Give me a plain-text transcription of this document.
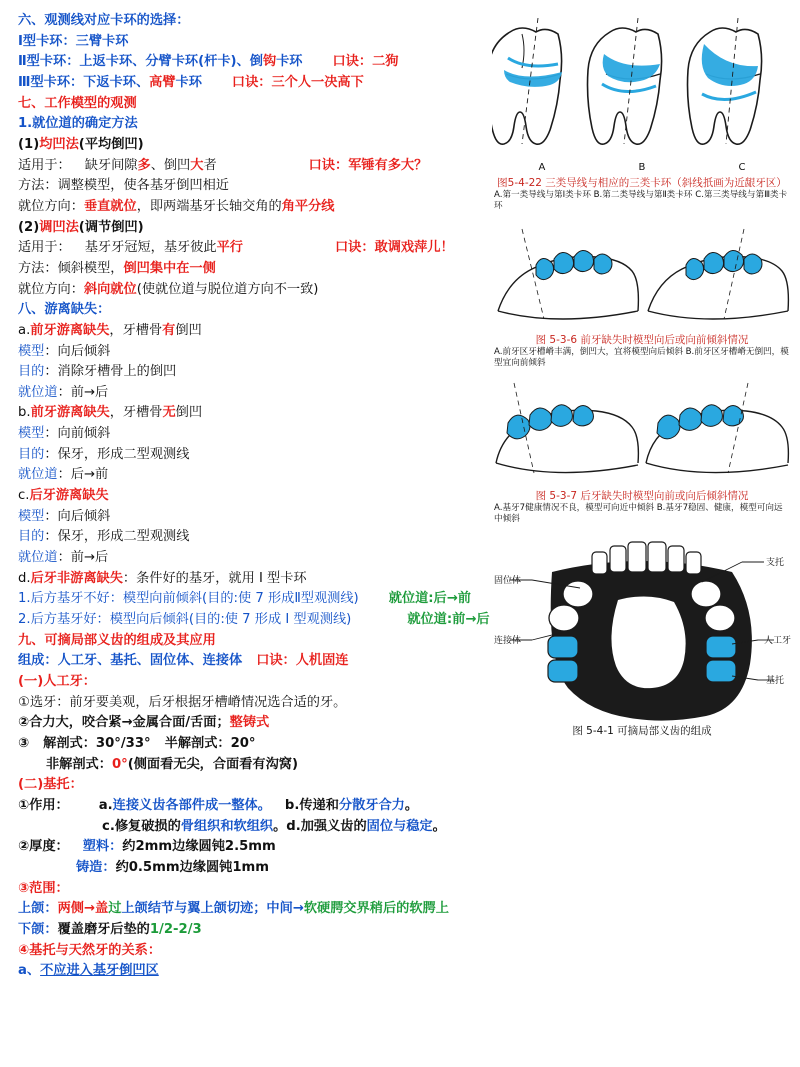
六、观测线对应卡环的选择：
Ⅰ型卡环：三臂卡环
Ⅱ型卡环：上返卡环、分臂卡环(杆卡)、倒钩卡环 口诀：二狗
Ⅲ型卡环：下返卡环、高臂卡环 口诀：三个人一决高下
七、工作模型的观测
1.就位道的确定方法
(1)均凹法(平均倒凹)
适用于： 缺牙间隙多、倒凹大者	口诀：军锤有多大？
方法：调整模型，使各基牙倒凹相近
就位方向：垂直就位，即两端基牙长轴交角的角平分线
(2)调凹法(调节倒凹)
适用于： 基牙牙冠短，基牙彼此平行	口诀：敢调戏萍儿！
方法：倾斜模型，倒凹集中在一侧
就位方向：斜向就位(使就位道与脱位道方向不一致)
八、游离缺失：
a.前牙游离缺失，牙槽骨有倒凹
模型：向后倾斜
目的：消除牙槽骨上的倒凹
就位道：前→后
b.前牙游离缺失，牙槽骨无倒凹
模型：向前倾斜
目的：保牙，形成二型观测线
就位道：后→前
c.后牙游离缺失
模型：向后倾斜
目的：保牙，形成二型观测线
就位道：前→后
d.后牙非游离缺失：条件好的基牙，就用 I 型卡环
1.后方基牙不好：模型向前倾斜(目的:使 7 形成Ⅱ型观测线) 就位道:后→前
2.后方基牙好：模型向后倾斜(目的:使 7 形成 I 型观测线)	就位道:前→后
九、可摘局部义齿的组成及其应用
组成：人工牙、基托、固位体、连接体 口诀：人机固连
(一)人工牙：
①选牙：前牙要美观，后牙根据牙槽嵴情况选合适的牙。
②合力大，咬合紧→金属合面/舌面；整铸式
③ 解剖式：30°/33° 半解剖式：20°
非解剖式：0°(侧面看无尖，合面看有沟窝)
(二)基托：
①作用： a.连接义齿各部件成一整体。 b.传递和分散牙合力。
c.修复破损的骨组织和软组织。d.加强义齿的固位与稳定。
②厚度： 塑料：约2mm边缘圆钝2.5mm
铸造：约0.5mm边缘圆钝1mm
③范围：
上颌：两侧→盖过上颌结节与翼上颌切迹；中间→软硬腭交界稍后的软腭上
下颌：覆盖磨牙后垫的1/2-2/3
④基托与天然牙的关系：
a、不应进入基牙倒凹区
A	B	C
图5-4-22 三类导线与相应的三类卡环（斜线扺画为近龈牙区）
A.第一类导线与第Ⅰ类卡环 B.第二类导线与第Ⅱ类卡环 C.第三类导线与第Ⅲ类卡环
图 5-3-6 前牙缺失时模型向后或向前倾斜情况
A.前牙区牙槽嵴丰满，倒凹大，宜将模型向后倾斜 B.前牙区牙槽嵴无倒凹，模型宜向前倾斜
图 5-3-7 后牙缺失时模型向前或向后倾斜情况
A.基牙7健康情况不良，模型可向近中倾斜 B.基牙7稳固、健康，模型可向远中倾斜
固位体
连接体
支托
人工牙
基托
图 5-4-1 可摘局部义齿的组成
